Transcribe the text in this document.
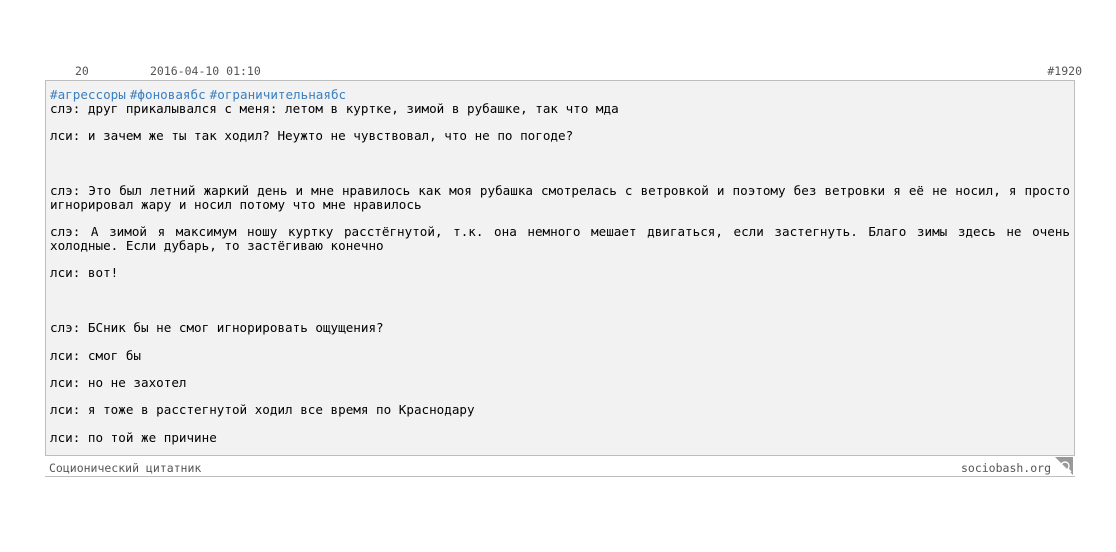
20	2016-04-10 01:10	#1920
#агрессоры #фоноваябс #ограничительнаябс

слэ: друг прикалывался с меня: летом в куртке, зимой в рубашке, так что мда

лси: и зачем же ты так ходил? Неужто не чувствовал, что не по погоде?

слэ: Это был летний жаркий день и мне нравилось как моя рубашка смотрелась с ветровкой и поэтому без ветровки я её не носил, я просто игнорировал жару и носил потому что мне нравилось

слэ: А зимой я максимум ношу куртку расстёгнутой, т.к. она немного мешает двигаться, если застегнуть. Благо зимы здесь не очень холодные. Если дубарь, то застёгиваю конечно

лси: вот!

слэ: БСник бы не смог игнорировать ощущения?

лси: смог бы

лси: но не захотел

лси: я тоже в расстегнутой ходил все время по Краснодару

лси: по той же причине

Соционический цитатник	sociobash.org
